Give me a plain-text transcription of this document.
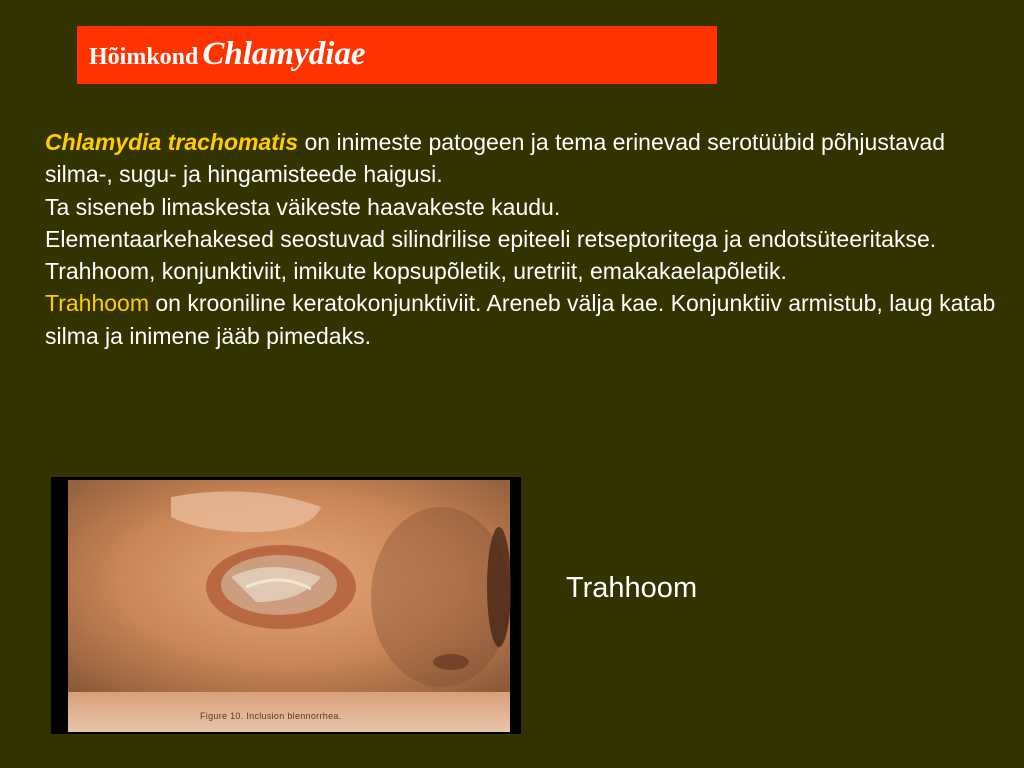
Hõimkond Chlamydiae

Chlamydia trachomatis on inimeste patogeen ja tema erinevad serotüübid põhjustavad silma-, sugu- ja hingamisteede haigusi.

Ta siseneb limaskesta väikeste haavakeste kaudu.

Elementaarkehakesed seostuvad silindrilise epiteeli retseptoritega ja endotsüteeritakse.

Trahhoom, konjunktiviit, imikute kopsupõletik, uretriit, emakakaelapõletik.

Trahhoom on krooniline keratokonjunktiviit. Areneb välja kae. Konjunktiiv armistub, laug katab silma ja inimene jääb pimedaks.

Figure 10. Inclusion blennorrhea.
Trahhoom
